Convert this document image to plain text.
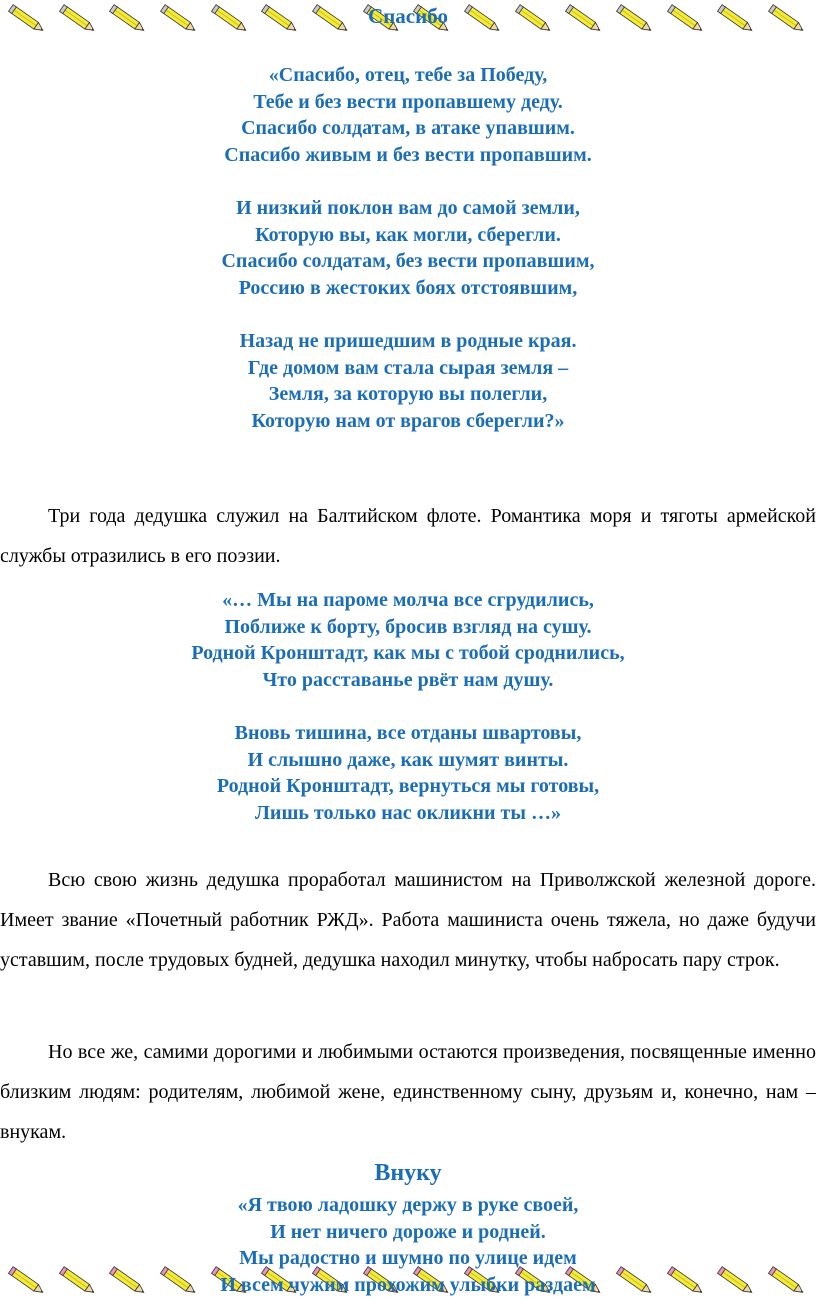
Спасибо
«Спасибо, отец, тебе за Победу,
Тебе и без вести пропавшему деду.
Спасибо солдатам, в атаке упавшим.
Спасибо живым и без вести пропавшим.
И низкий поклон вам до самой земли,
Которую вы, как могли, сберегли.
Спасибо солдатам, без вести пропавшим,
Россию в жестоких боях отстоявшим,
Назад не пришедшим в родные края.
Где домом вам стала сырая земля –
Земля, за которую вы полегли,
Которую нам от врагов сберегли?»

Три года дедушка служил на Балтийском флоте. Романтика моря и тяготы армейской службы отразились в его поэзии.

«… Мы на пароме молча все сгрудились,
Поближе к борту, бросив взгляд на сушу.
Родной Кронштадт, как мы с тобой сроднились,
Что расставанье рвёт нам душу.
Вновь тишина, все отданы швартовы,
И слышно даже, как шумят винты.
Родной Кронштадт, вернуться мы готовы,
Лишь только нас окликни ты …»

Всю свою жизнь дедушка проработал машинистом на Приволжской железной дороге. Имеет звание «Почетный работник РЖД». Работа машиниста очень тяжела, но даже будучи уставшим, после трудовых будней, дедушка находил минутку, чтобы набросать пару строк.

Но все же, самими дорогими и любимыми остаются произведения, посвященные именно близким людям: родителям, любимой жене, единственному сыну, друзьям и, конечно, нам – внукам.

Внуку
«Я твою ладошку держу в руке своей,
И нет ничего дороже и родней.
Мы радостно и шумно по улице идем
И всем чужим прохожим улыбки раздаем
